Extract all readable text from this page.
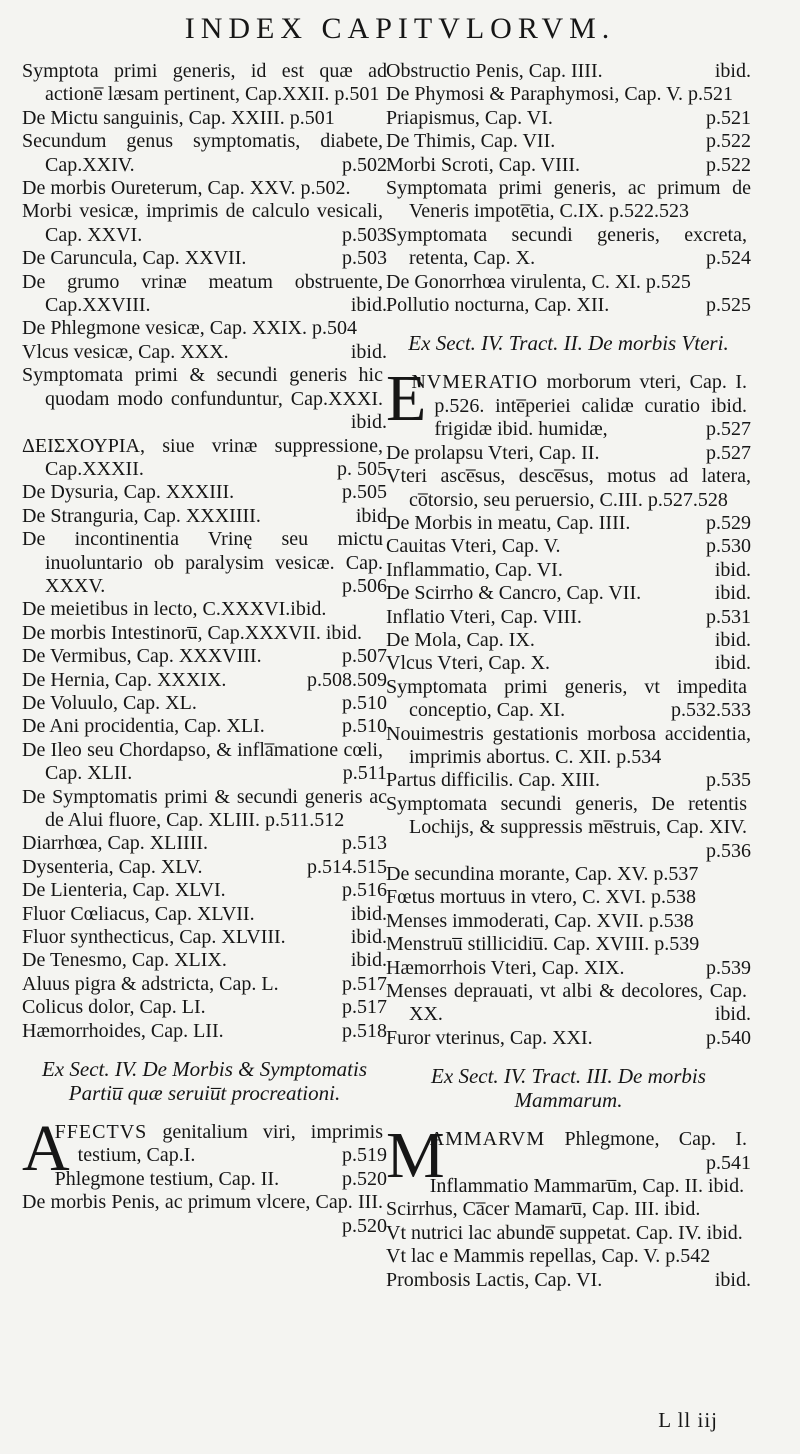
INDEX CAPITVLORVM.
Symptota primi generis, id est quæ ad actione̅ læsam pertinent, Cap.XXII. p.501
De Mictu sanguinis, Cap. XXIII. p.501
Secundum genus symptomatis, diabete, Cap.XXIV.	p.502
De morbis Oureterum, Cap. XXV. p.502.
Morbi vesicæ, imprimis de calculo vesicali, Cap. XXVI.	p.503
De Caruncula, Cap. XXVII.	p.503
De grumo vrinæ meatum obstruente, Cap.XXVIII.	ibid.
De Phlegmone vesicæ, Cap. XXIX. p.504
Vlcus vesicæ, Cap. XXX.	ibid.
Symptomata primi & secundi generis hic quodam modo confunduntur, Cap.XXXI.
ibid.
ΔΕΙΣΧΟΥΡΙΑ, siue vrinæ suppressione, Cap.XXXII.	p. 505
De Dysuria, Cap. XXXIII.	p.505
De Stranguria, Cap. XXXIIII.	ibid
De incontinentia Vrinę seu mictu inuoluntario ob paralysim vesicæ. Cap. XXXV.	p.506
De meietibus in lecto, C.XXXVI.ibid.
De morbis Intestinoru̅, Cap.XXXVII. ibid.
De Vermibus, Cap. XXXVIII.	p.507
De Hernia, Cap. XXXIX.	p.508.509
De Voluulo, Cap. XL.	p.510
De Ani procidentia, Cap. XLI.	p.510
De Ileo seu Chordapso, & infla̅matione cœli, Cap. XLII.	p.511
De Symptomatis primi & secundi generis ac de Alui fluore, Cap. XLIII. p.511.512
Diarrhœa, Cap. XLIIII.	p.513
Dysenteria, Cap. XLV.	p.514.515
De Lienteria, Cap. XLVI.	p.516
Fluor Cœliacus, Cap. XLVII.	ibid.
Fluor synthecticus, Cap. XLVIII.	ibid.
De Tenesmo, Cap. XLIX.	ibid.
Aluus pigra & adstricta, Cap. L.	p.517
Colicus dolor, Cap. LI.	p.517
Hæmorrhoides, Cap. LII.	p.518
Ex Sect. IV. De Morbis & Symptomatis Partiu̅ quæ seruiu̅t procreationi.
A
FFECTVS genitalium viri, imprimis testium, Cap.I.	p.519
Phlegmone testium, Cap. II.	p.520
De morbis Penis, ac primum vlcere, Cap. III.
p.520
Obstructio Penis, Cap. IIII.	ibid.
De Phymosi & Paraphymosi, Cap. V. p.521
Priapismus, Cap. VI.	p.521
De Thimis, Cap. VII.	p.522
Morbi Scroti, Cap. VIII.	p.522
Symptomata primi generis, ac primum de Veneris impote̅tia, C.IX. p.522.523
Symptomata secundi generis, excreta, retenta, Cap. X.	p.524
De Gonorrhœa virulenta, C. XI. p.525
Pollutio nocturna, Cap. XII.	p.525
Ex Sect. IV. Tract. II. De morbis Vteri.
E
NVMERATIO morborum vteri, Cap. I. p.526. inte̅periei calidæ curatio ibid. frigidæ ibid. humidæ,	p.527
De prolapsu Vteri, Cap. II.	p.527
Vteri asce̅sus, desce̅sus, motus ad latera, co̅torsio, seu peruersio, C.III. p.527.528
De Morbis in meatu, Cap. IIII.	p.529
Cauitas Vteri, Cap. V.	p.530
Inflammatio, Cap. VI.	ibid.
De Scirrho & Cancro, Cap. VII.	ibid.
Inflatio Vteri, Cap. VIII.	p.531
De Mola, Cap. IX.	ibid.
Vlcus Vteri, Cap. X.	ibid.
Symptomata primi generis, vt impedita conceptio, Cap. XI.	p.532.533
Nouimestris gestationis morbosa accidentia, imprimis abortus. C. XII. p.534
Partus difficilis. Cap. XIII.	p.535
Symptomata secundi generis, De retentis Lochijs, & suppressis me̅struis, Cap. XIV.
p.536
De secundina morante, Cap. XV. p.537
Fœtus mortuus in vtero, C. XVI. p.538
Menses immoderati, Cap. XVII. p.538
Menstruu̅ stillicidiu̅. Cap. XVIII. p.539
Hæmorrhois Vteri, Cap. XIX.	p.539
Menses deprauati, vt albi & decolores, Cap. XX.	ibid.
Furor vterinus, Cap. XXI.	p.540
Ex Sect. IV. Tract. III. De morbis Mammarum.
M
AMMARVM Phlegmone, Cap. I.
p.541
Inflammatio Mammaru̅m, Cap. II. ibid.
Scirrhus, Ca̅cer Mamaru̅, Cap. III. ibid.
Vt nutrici lac abunde̅ suppetat. Cap. IV. ibid.
Vt lac e Mammis repellas, Cap. V. p.542
Prombosis Lactis, Cap. VI.	ibid.
L ll iij
